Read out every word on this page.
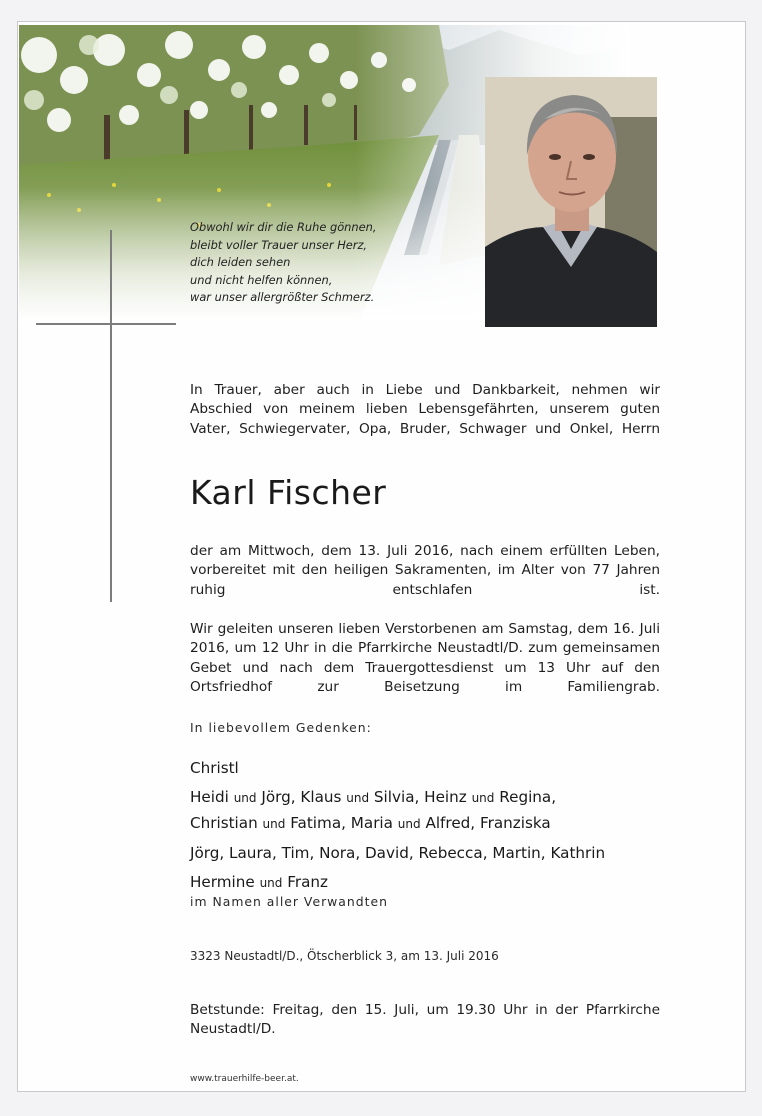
Obwohl wir dir die Ruhe gönnen,
bleibt voller Trauer unser Herz,
dich leiden sehen
und nicht helfen können,
war unser allergrößter Schmerz.
In Trauer, aber auch in Liebe und Dankbarkeit, nehmen wir Abschied von meinem lieben Lebensgefährten, unserem guten Vater, Schwiegervater, Opa, Bruder, Schwager und Onkel, Herrn
Karl Fischer
der am Mittwoch, dem 13. Juli 2016, nach einem erfüllten Leben, vorbereitet mit den heiligen Sakramenten, im Alter von 77 Jahren ruhig entschlafen ist.
Wir geleiten unseren lieben Verstorbenen am Samstag, dem 16. Juli 2016, um 12 Uhr in die Pfarrkirche Neustadtl/D. zum gemeinsamen Gebet und nach dem Trauergottesdienst um 13 Uhr auf den Ortsfriedhof zur Beisetzung im Familiengrab.
In liebevollem Gedenken:
Christl
Heidi und Jörg, Klaus und Silvia, Heinz und Regina,
Christian und Fatima, Maria und Alfred, Franziska
Jörg, Laura, Tim, Nora, David, Rebecca, Martin, Kathrin
Hermine und Franz
im Namen aller Verwandten
3323 Neustadtl/D., Ötscherblick 3, am 13. Juli 2016
Betstunde: Freitag, den 15. Juli, um 19.30 Uhr in der Pfarrkirche
Neustadtl/D.
www.trauerhilfe-beer.at.
